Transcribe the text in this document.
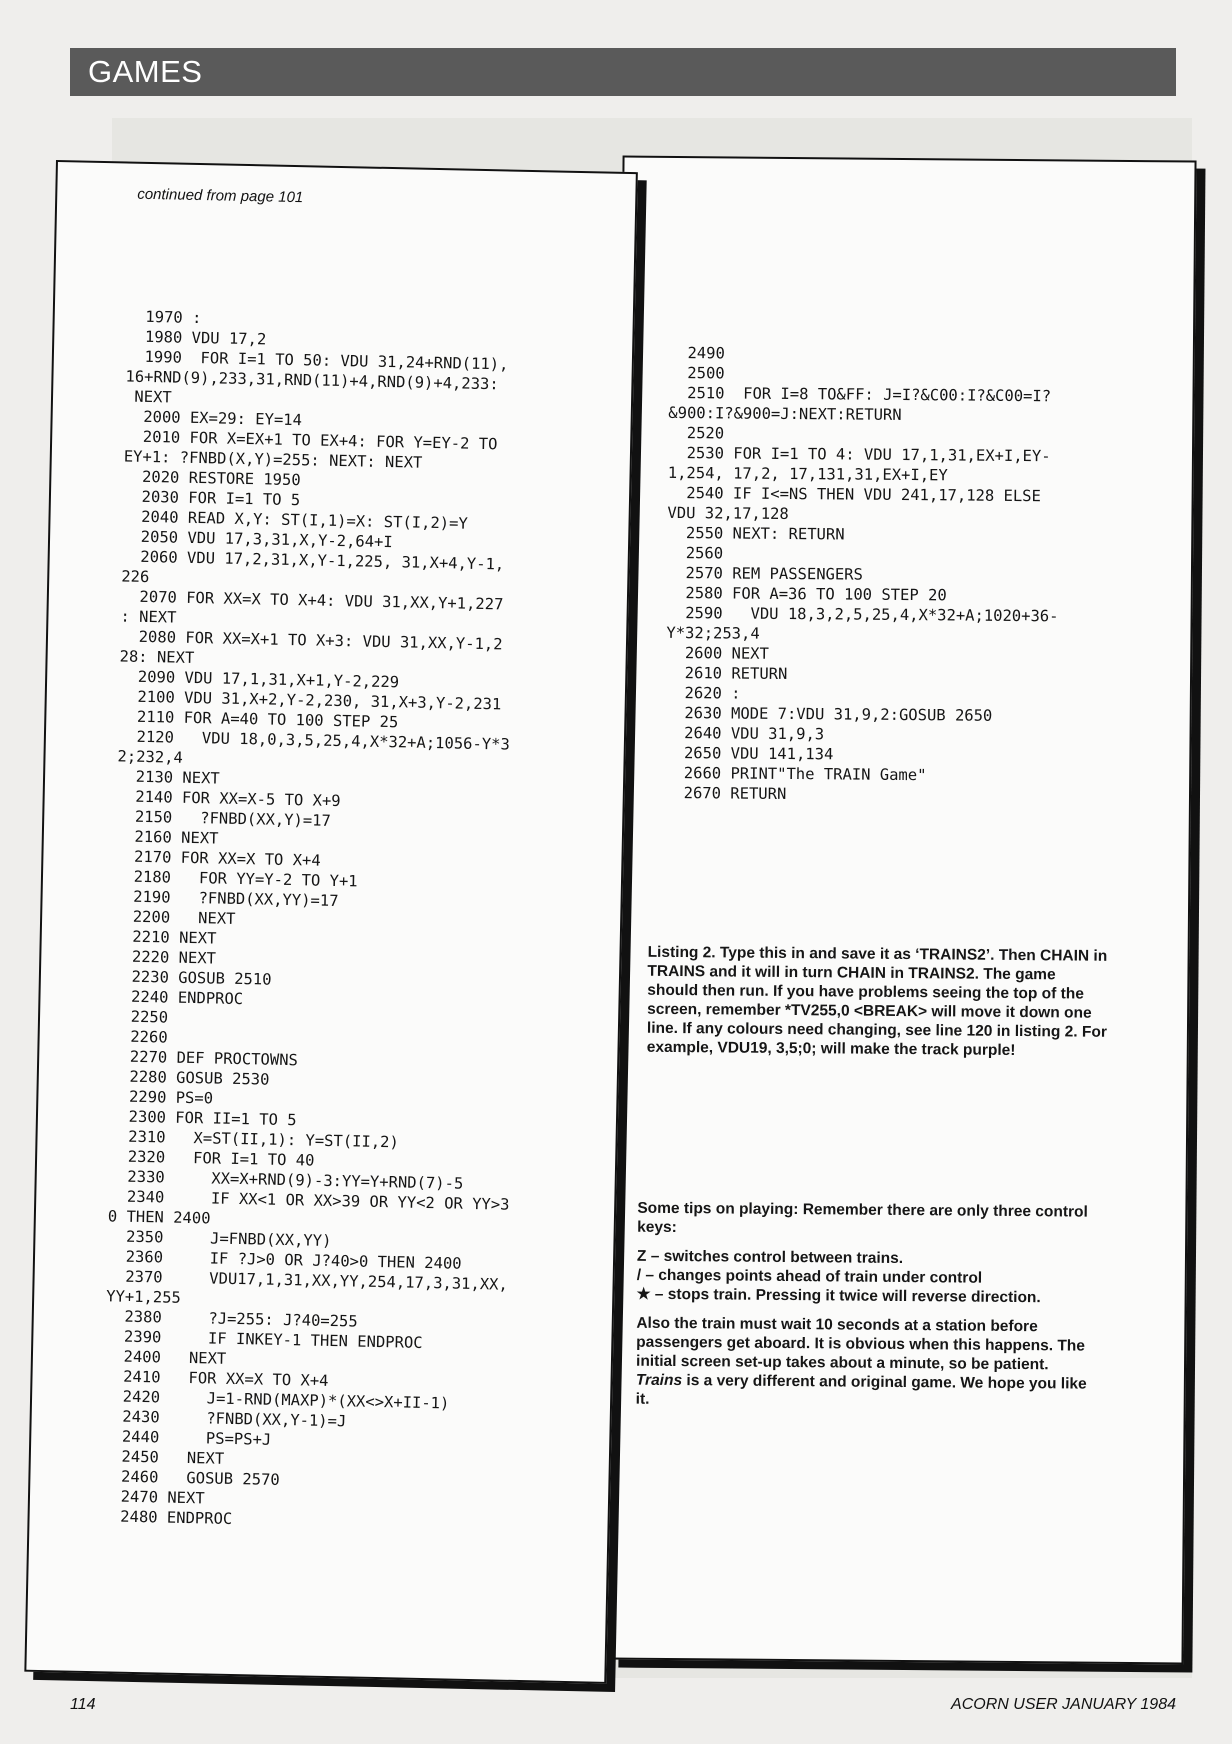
GAMES
2490
2500
2510  FOR I=8 TO&FF: J=I?&C00:I?&C00=I?
&900:I?&900=J:NEXT:RETURN
2520
2530 FOR I=1 TO 4: VDU 17,1,31,EX+I,EY-
1,254, 17,2, 17,131,31,EX+I,EY
2540 IF I<=NS THEN VDU 241,17,128 ELSE
VDU 32,17,128
2550 NEXT: RETURN
2560
2570 REM PASSENGERS
2580 FOR A=36 TO 100 STEP 20
2590   VDU 18,3,2,5,25,4,X*32+A;1020+36-
Y*32;253,4
2600 NEXT
2610 RETURN
2620 :
2630 MODE 7:VDU 31,9,2:GOSUB 2650
2640 VDU 31,9,3
2650 VDU 141,134
2660 PRINT"The TRAIN Game"
2670 RETURN
Listing 2. Type this in and save it as ‘TRAINS2’. Then CHAIN in TRAINS and it will in turn CHAIN in TRAINS2. The game should then run. If you have problems seeing the top of the screen, remember *TV255,0 <BREAK> will move it down one line. If any colours need changing, see line 120 in listing 2. For example, VDU19, 3,5;0; will make the track purple!

Some tips on playing: Remember there are only three control keys:

Z – switches control between trains.
/ – changes points ahead of train under control
★ – stops train. Pressing it twice will reverse direction.

Also the train must wait 10 seconds at a station before passengers get aboard. It is obvious when this happens. The initial screen set-up takes about a minute, so be patient. Trains is a very different and original game. We hope you like it.

continued from page 101
1970 :
1980 VDU 17,2
1990  FOR I=1 TO 50: VDU 31,24+RND(11),
16+RND(9),233,31,RND(11)+4,RND(9)+4,233:
NEXT
2000 EX=29: EY=14
2010 FOR X=EX+1 TO EX+4: FOR Y=EY-2 TO
EY+1: ?FNBD(X,Y)=255: NEXT: NEXT
2020 RESTORE 1950
2030 FOR I=1 TO 5
2040 READ X,Y: ST(I,1)=X: ST(I,2)=Y
2050 VDU 17,3,31,X,Y-2,64+I
2060 VDU 17,2,31,X,Y-1,225, 31,X+4,Y-1,
226
2070 FOR XX=X TO X+4: VDU 31,XX,Y+1,227
: NEXT
2080 FOR XX=X+1 TO X+3: VDU 31,XX,Y-1,2
28: NEXT
2090 VDU 17,1,31,X+1,Y-2,229
2100 VDU 31,X+2,Y-2,230, 31,X+3,Y-2,231
2110 FOR A=40 TO 100 STEP 25
2120   VDU 18,0,3,5,25,4,X*32+A;1056-Y*3
2;232,4
2130 NEXT
2140 FOR XX=X-5 TO X+9
2150   ?FNBD(XX,Y)=17
2160 NEXT
2170 FOR XX=X TO X+4
2180   FOR YY=Y-2 TO Y+1
2190   ?FNBD(XX,YY)=17
2200   NEXT
2210 NEXT
2220 NEXT
2230 GOSUB 2510
2240 ENDPROC
2250
2260
2270 DEF PROCTOWNS
2280 GOSUB 2530
2290 PS=0
2300 FOR II=1 TO 5
2310   X=ST(II,1): Y=ST(II,2)
2320   FOR I=1 TO 40
2330     XX=X+RND(9)-3:YY=Y+RND(7)-5
2340     IF XX<1 OR XX>39 OR YY<2 OR YY>3
0 THEN 2400
2350     J=FNBD(XX,YY)
2360     IF ?J>0 OR J?40>0 THEN 2400
2370     VDU17,1,31,XX,YY,254,17,3,31,XX,
YY+1,255
2380     ?J=255: J?40=255
2390     IF INKEY-1 THEN ENDPROC
2400   NEXT
2410   FOR XX=X TO X+4
2420     J=1-RND(MAXP)*(XX<>X+II-1)
2430     ?FNBD(XX,Y-1)=J
2440     PS=PS+J
2450   NEXT
2460   GOSUB 2570
2470 NEXT
2480 ENDPROC
114	ACORN USER JANUARY 1984
